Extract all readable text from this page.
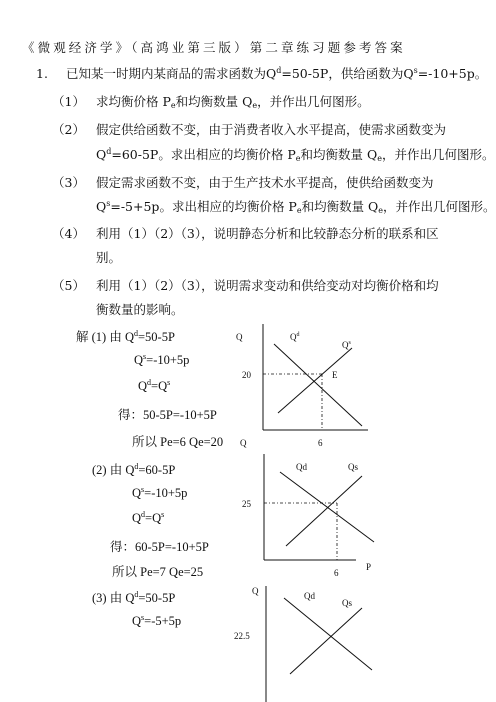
《微观经济学》（高鸿业第三版）第二章练习题参考答案
1. 已知某一时期内某商品的需求函数为$Q^d=50-5P$，供给函数为$Q^s=-10+5p$。
（1） 求均衡价格 $P_e$和均衡数量 $Q_e$，并作出几何图形。
（2） 假定供给函数不变，由于消费者收入水平提高，使需求函数变为
$Q^d=60-5P$。求出相应的均衡价格 $P_e$和均衡数量 $Q_e$，并作出几何图形。
（3） 假定需求函数不变，由于生产技术水平提高，使供给函数变为
$Q^s=-5+5p$。求出相应的均衡价格 $P_e$和均衡数量 $Q_e$，并作出几何图形。
（4） 利用（1）（2）（3），说明静态分析和比较静态分析的联系和区
别。
（5） 利用（1）（2）（3），说明需求变动和供给变动对均衡价格和均
衡数量的影响。
解 (1) 由 $Q^d=50-5P$
$Q^s=-10+5p$
$Q^d=Q^s$
得：50-5P=-10+5P
所以 Pe=6 Qe=20
(2) 由 $Q^d=60-5P$
$Q^s=-10+5p$
$Q^d=Q^s$
得：60-5P=-10+5P
所以 Pe=7 Qe=25
(3) 由 $Q^d=50-5P$
$Q^s=-5+5p$
Q	$Q^d$
$Q^s$
20	E
Q	6
Qd	Qs
25
6
P
Q	Qd
Qs
22.5
